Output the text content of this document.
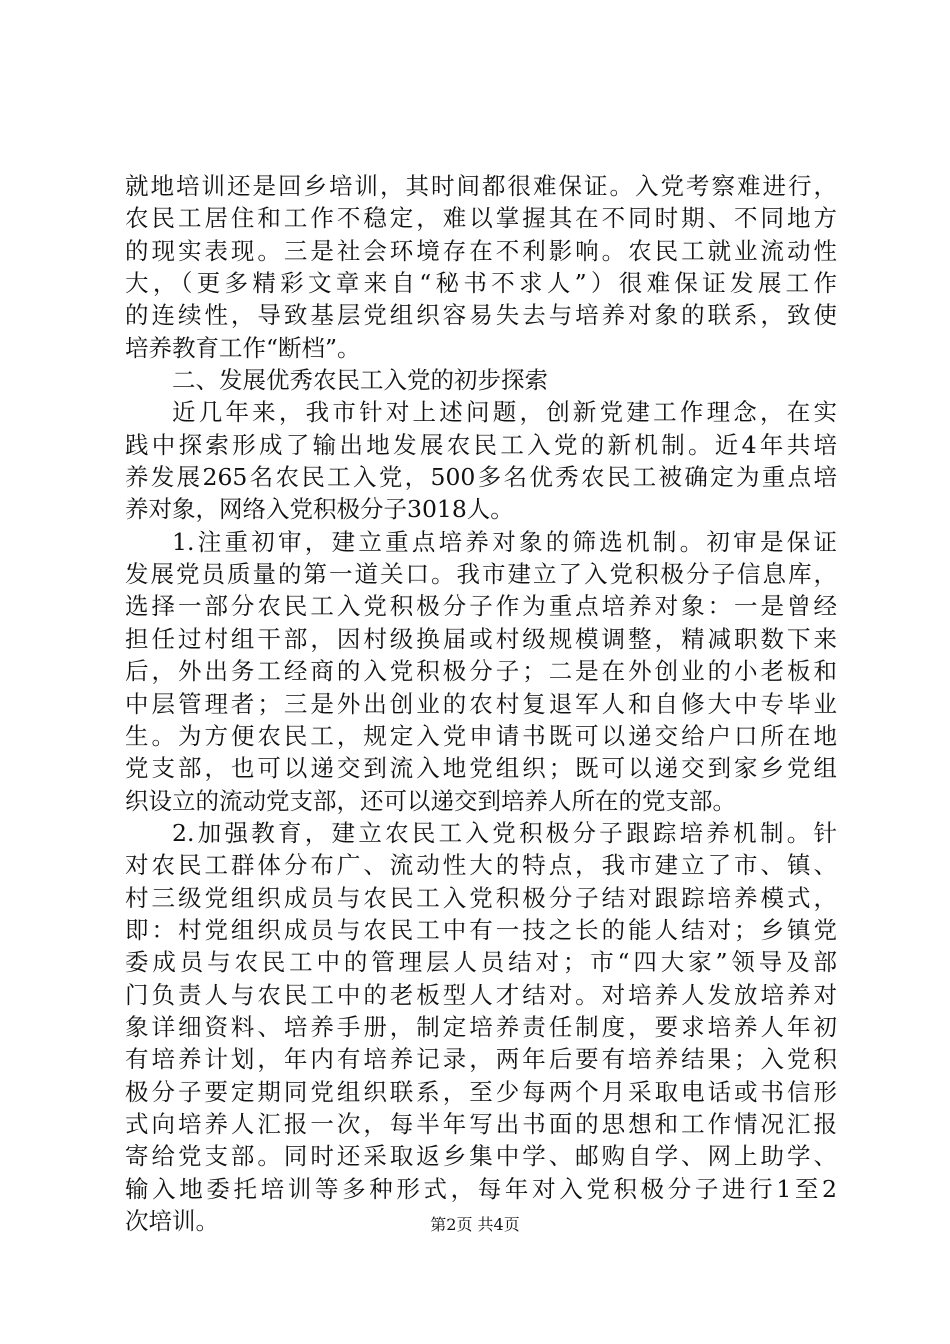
就地培训还是回乡培训，其时间都很难保证。入党考察难进行，
农民工居住和工作不稳定，难以掌握其在不同时期、不同地方
的现实表现。三是社会环境存在不利影响。农民工就业流动性
大，（更多精彩文章来自“秘书不求人”）很难保证发展工作
的连续性，导致基层党组织容易失去与培养对象的联系，致使
培养教育工作“断档”。
二、发展优秀农民工入党的初步探索
近几年来，我市针对上述问题，创新党建工作理念，在实
践中探索形成了输出地发展农民工入党的新机制。近4年共培
养发展265名农民工入党，500多名优秀农民工被确定为重点培
养对象，网络入党积极分子3018人。
1.注重初审，建立重点培养对象的筛选机制。初审是保证
发展党员质量的第一道关口。我市建立了入党积极分子信息库，
选择一部分农民工入党积极分子作为重点培养对象：一是曾经
担任过村组干部，因村级换届或村级规模调整，精减职数下来
后，外出务工经商的入党积极分子；二是在外创业的小老板和
中层管理者；三是外出创业的农村复退军人和自修大中专毕业
生。为方便农民工，规定入党申请书既可以递交给户口所在地
党支部，也可以递交到流入地党组织；既可以递交到家乡党组
织设立的流动党支部，还可以递交到培养人所在的党支部。
2.加强教育，建立农民工入党积极分子跟踪培养机制。针
对农民工群体分布广、流动性大的特点，我市建立了市、镇、
村三级党组织成员与农民工入党积极分子结对跟踪培养模式，
即：村党组织成员与农民工中有一技之长的能人结对；乡镇党
委成员与农民工中的管理层人员结对；市“四大家”领导及部
门负责人与农民工中的老板型人才结对。对培养人发放培养对
象详细资料、培养手册，制定培养责任制度，要求培养人年初
有培养计划，年内有培养记录，两年后要有培养结果；入党积
极分子要定期同党组织联系，至少每两个月采取电话或书信形
式向培养人汇报一次，每半年写出书面的思想和工作情况汇报
寄给党支部。同时还采取返乡集中学、邮购自学、网上助学、
输入地委托培训等多种形式，每年对入党积极分子进行1至2
次培训。	第2页 共4页
